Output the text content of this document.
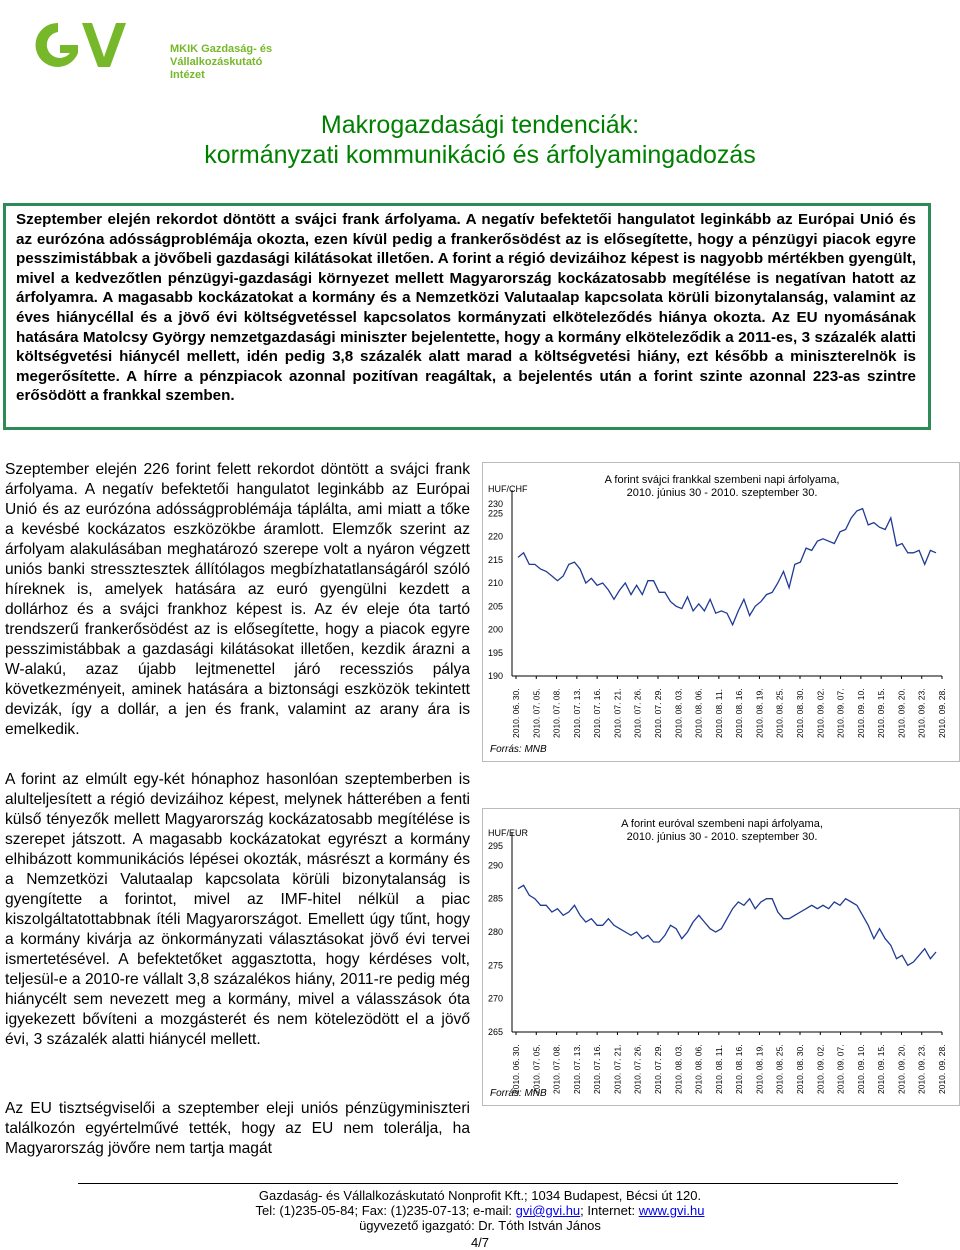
MKIK Gazdaság- és
Vállalkozáskutató Intézet
Makrogazdasági tendenciák:
kormányzati kommunikáció és árfolyamingadozás
Szeptember elején rekordot döntött a svájci frank árfolyama. A negatív befektetői hangulatot leginkább az Európai Unió és az eurózóna adósságproblémája okozta, ezen kívül pedig a frankerősödést az is elősegítette, hogy a pénzügyi piacok egyre pesszimistábbak a jövőbeli gazdasági kilátásokat illetően. A forint a régió devizáihoz képest is nagyobb mértékben gyengült, mivel a kedvezőtlen pénzügyi-gazdasági környezet mellett Magyarország kockázatosabb megítélése is negatívan hatott az árfolyamra. A magasabb kockázatokat a kormány és a Nemzetközi Valutaalap kapcsolata körüli bizonytalanság, valamint az éves hiánycéllal és a jövő évi költségvetéssel kapcsolatos kormányzati elköteleződés hiánya okozta. Az EU nyomásának hatására Matolcsy György nemzetgazdasági miniszter bejelentette, hogy a kormány elköteleződik a 2011-es, 3 százalék alatti költségvetési hiánycél mellett, idén pedig 3,8 százalék alatt marad a költségvetési hiány, ezt később a miniszterelnök is megerősítette. A hírre a pénzpiacok azonnal pozitívan reagáltak, a bejelentés után a forint szinte azonnal 223-as szintre erősödött a frankkal szemben.
Szeptember elején 226 forint felett rekordot döntött a svájci frank árfolyama. A negatív befektetői hangulatot leginkább az Európai Unió és az eurózóna adósságproblémája táplálta, ami miatt a tőke a kevésbé kockázatos eszközökbe áramlott. Elemzők szerint az árfolyam alakulásában meghatározó szerepe volt a nyáron végzett uniós banki stressztesztek állítólagos megbízhatatlanságáról szóló híreknek is, amelyek hatására az euró gyengülni kezdett a dollárhoz és a svájci frankhoz képest is. Az év eleje óta tartó trendszerű frankerősödést az is elősegítette, hogy a piacok egyre pesszimistábbak a gazdasági kilátásokat illetően, kezdik árazni a W-alakú, azaz újabb lejtmenettel járó recessziós pálya következményeit, aminek hatására a biztonsági eszközök tekintett devizák, így a dollár, a jen és frank, valamint az arany ára is emelkedik.
A forint az elmúlt egy-két hónaphoz hasonlóan szeptemberben is alulteljesített a régió devizáihoz képest, melynek hátterében a fenti külső tényezők mellett Magyarország kockázatosabb megítélése is szerepet játszott. A magasabb kockázatokat egyrészt a kormány elhibázott kommunikációs lépései okozták, másrészt a kormány és a Nemzetközi Valutaalap kapcsolata körüli bizonytalanság is gyengítette a forintot, mivel az IMF-hitel nélkül a piac kiszolgáltatottabbnak ítéli Magyarországot. Emellett úgy tűnt, hogy a kormány kivárja az önkormányzati választásokat jövő évi tervei ismertetésével. A befektetőket aggasztotta, hogy kérdéses volt, teljesül-e a 2010-re vállalt 3,8 százalékos hiány, 2011-re pedig még hiánycélt sem nevezett meg a kormány, mivel a válasszások óta igyekezett bővíteni a mozgásterét és nem kötelezödött el a jövő évi, 3 százalék alatti hiánycél mellett.
Az EU tisztségviselői a szeptember eleji uniós pénzügyminiszteri találkozón egyértelművé tették, hogy az EU nem tolerálja, ha Magyarország jövőre nem tartja magát
A forint svájci frankkal szembeni napi árfolyama,
2010. június 30 - 2010. szeptember 30.
HUF/CHF
230
225
220
215
210
205
200
195
190
2010. 06. 30. 2010. 07. 05. 2010. 07. 08. 2010. 07. 13. 2010. 07. 16. 2010. 07. 21. 2010. 07. 26. 2010. 07. 29. 2010. 08. 03. 2010. 08. 06. 2010. 08. 11. 2010. 08. 16. 2010. 08. 19. 2010. 08. 25. 2010. 08. 30. 2010. 09. 02. 2010. 09. 07. 2010. 09. 10. 2010. 09. 15. 2010. 09. 20. 2010. 09. 23. 2010. 09. 28.
Forrás: MNB
A forint euróval szembeni napi árfolyama,
2010. június 30 - 2010. szeptember 30.
HUF/EUR
295
290
285
280
275
270
265
2010. 06. 30. 2010. 07. 05. 2010. 07. 08. 2010. 07. 13. 2010. 07. 16. 2010. 07. 21. 2010. 07. 26. 2010. 07. 29. 2010. 08. 03. 2010. 08. 06. 2010. 08. 11. 2010. 08. 16. 2010. 08. 19. 2010. 08. 25. 2010. 08. 30. 2010. 09. 02. 2010. 09. 07. 2010. 09. 10. 2010. 09. 15. 2010. 09. 20. 2010. 09. 23. 2010. 09. 28.
Forrás: MNB
Gazdaság- és Vállalkozáskutató Nonprofit Kft.; 1034 Budapest, Bécsi út 120.
Tel: (1)235-05-84; Fax: (1)235-07-13; e-mail: gvi@gvi.hu; Internet: www.gvi.hu
ügyvezető igazgató: Dr. Tóth István János
4/7
